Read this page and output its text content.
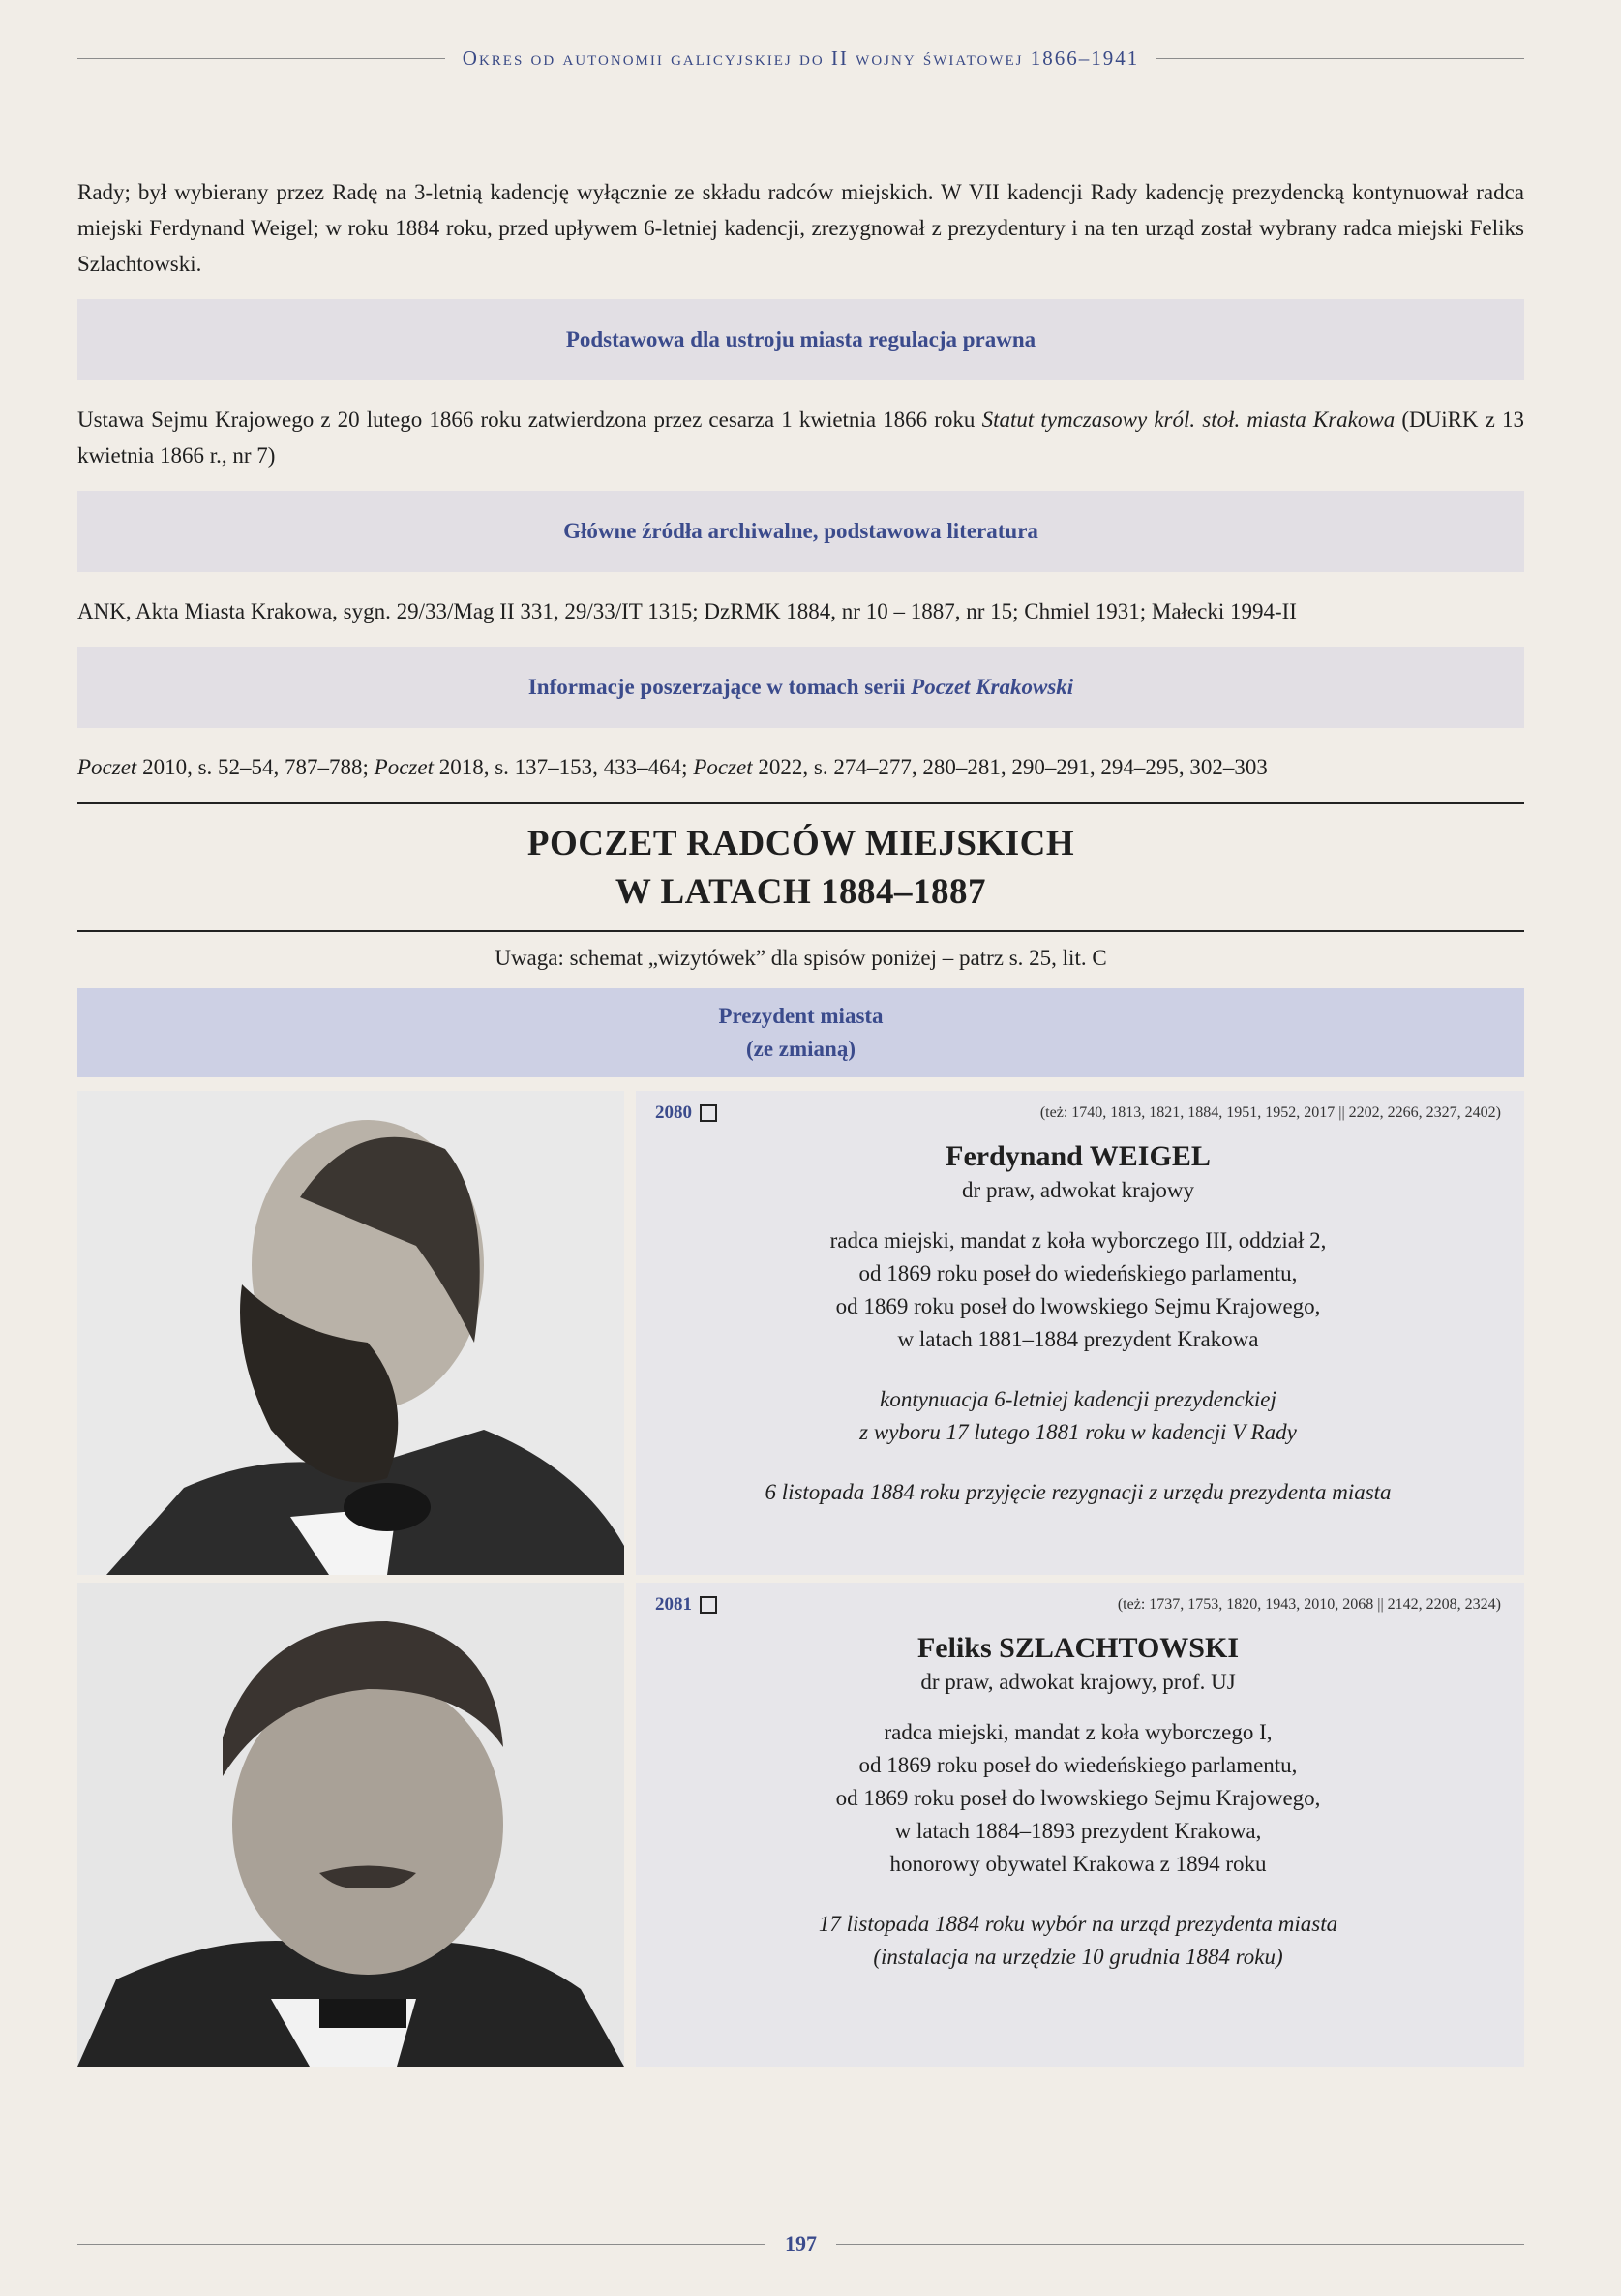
Okres od autonomii galicyjskiej do II wojny światowej 1866–1941

Rady; był wybierany przez Radę na 3-letnią kadencję wyłącznie ze składu radców miejskich. W VII kadencji Rady kadencję prezydencką kontynuował radca miejski Ferdynand Weigel; w roku 1884 roku, przed upływem 6-letniej kadencji, zrezygnował z prezydentury i na ten urząd został wybrany radca miejski Feliks Szlachtowski.

Podstawowa dla ustroju miasta regulacja prawna

Ustawa Sejmu Krajowego z 20 lutego 1866 roku zatwierdzona przez cesarza 1 kwietnia 1866 roku Statut tymczasowy król. stoł. miasta Krakowa (DUiRK z 13 kwietnia 1866 r., nr 7)

Główne źródła archiwalne, podstawowa literatura

ANK, Akta Miasta Krakowa, sygn. 29/33/Mag II 331, 29/33/IT 1315; DzRMK 1884, nr 10 – 1887, nr 15; Chmiel 1931; Małecki 1994-II

Informacje poszerzające w tomach serii
Poczet Krakowski

Poczet 2010, s. 52–54, 787–788; Poczet 2018, s. 137–153, 433–464; Poczet 2022, s. 274–277, 280–281, 290–291, 294–295, 302–303

POCZET RADCÓW MIEJSKICH
W LATACH 1884–1887
Uwaga: schemat „wizytówek” dla spisów poniżej – patrz s. 25, lit. C
Prezydent miasta
(ze zmianą)
2080	(też: 1740, 1813, 1821, 1884, 1951, 1952, 2017 || 2202, 2266, 2327, 2402)
Ferdynand WEIGEL
dr praw, adwokat krajowy
radca miejski, mandat z koła wyborczego III, oddział 2,
od 1869 roku poseł do wiedeńskiego parlamentu,
od 1869 roku poseł do lwowskiego Sejmu Krajowego,
w latach 1881–1884 prezydent Krakowa
kontynuacja 6-letniej kadencji prezydenckiej
z wyboru 17 lutego 1881 roku w kadencji V Rady
6 listopada 1884 roku przyjęcie rezygnacji z urzędu prezydenta miasta
2081	(też: 1737, 1753, 1820, 1943, 2010, 2068 || 2142, 2208, 2324)
Feliks SZLACHTOWSKI
dr praw, adwokat krajowy, prof. UJ
radca miejski, mandat z koła wyborczego I,
od 1869 roku poseł do wiedeńskiego parlamentu,
od 1869 roku poseł do lwowskiego Sejmu Krajowego,
w latach 1884–1893 prezydent Krakowa,
honorowy obywatel Krakowa z 1894 roku
17 listopada 1884 roku wybór na urząd prezydenta miasta
(instalacja na urzędzie 10 grudnia 1884 roku)
197
